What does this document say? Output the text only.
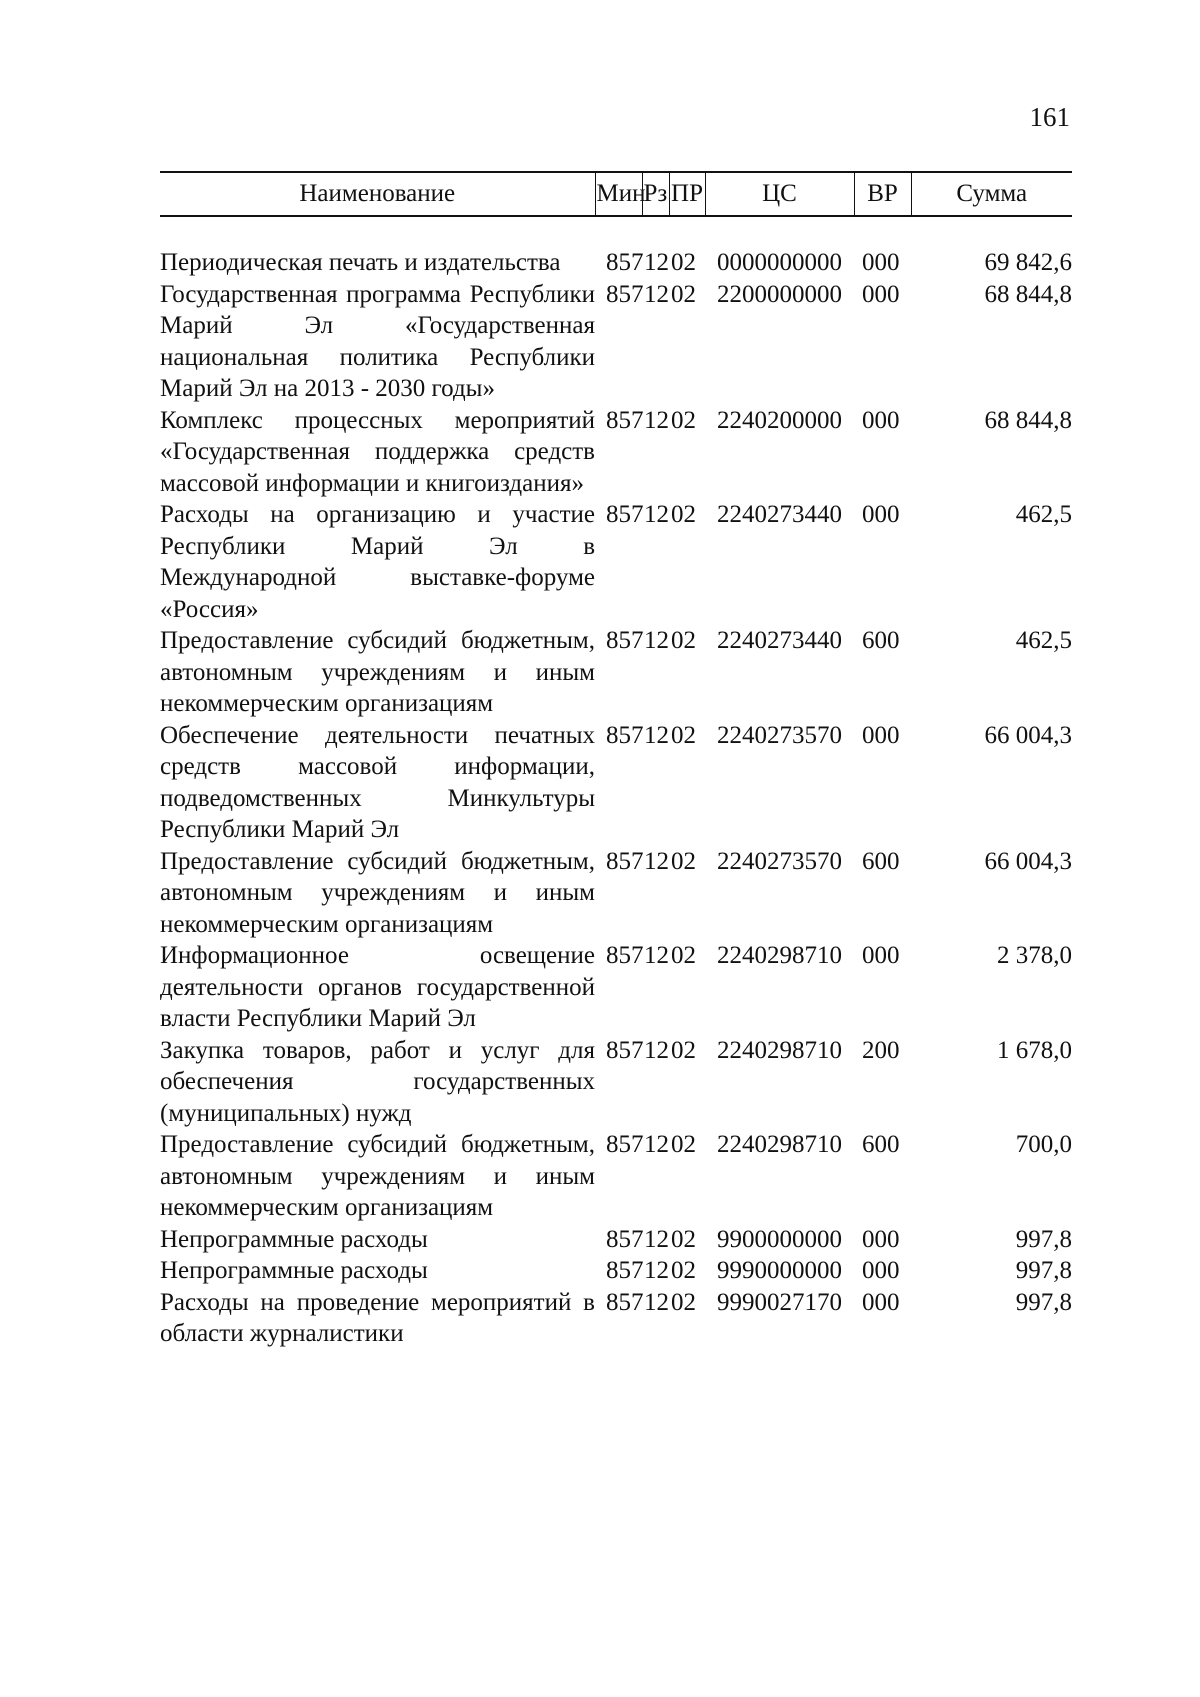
161
Наименование	Мин	Рз	ПР	ЦС	ВР	Сумма

Периодическая печать и издательства	857	12	02	0000000000	000	69 842,6
Государственная программа Республики Марий Эл «Государственная национальная политика Республики Марий Эл на 2013 - 2030 годы»	857	12	02	2200000000	000	68 844,8
Комплекс процессных мероприятий «Государственная поддержка средств массовой информации и книгоиздания»	857	12	02	2240200000	000	68 844,8
Расходы на организацию и участие Республики Марий Эл в Международной выставке-форуме «Россия»	857	12	02	2240273440	000	462,5
Предоставление субсидий бюджетным, автономным учреждениям и иным некоммерческим организациям	857	12	02	2240273440	600	462,5
Обеспечение деятельности печатных средств массовой информации, подведомственных Минкультуры Республики Марий Эл	857	12	02	2240273570	000	66 004,3
Предоставление субсидий бюджетным, автономным учреждениям и иным некоммерческим организациям	857	12	02	2240273570	600	66 004,3
Информационное освещение деятельности органов государственной власти Республики Марий Эл	857	12	02	2240298710	000	2 378,0
Закупка товаров, работ и услуг для обеспечения государственных (муниципальных) нужд	857	12	02	2240298710	200	1 678,0
Предоставление субсидий бюджетным, автономным учреждениям и иным некоммерческим организациям	857	12	02	2240298710	600	700,0
Непрограммные расходы	857	12	02	9900000000	000	997,8
Непрограммные расходы	857	12	02	9990000000	000	997,8
Расходы на проведение мероприятий в области журналистики	857	12	02	9990027170	000	997,8
